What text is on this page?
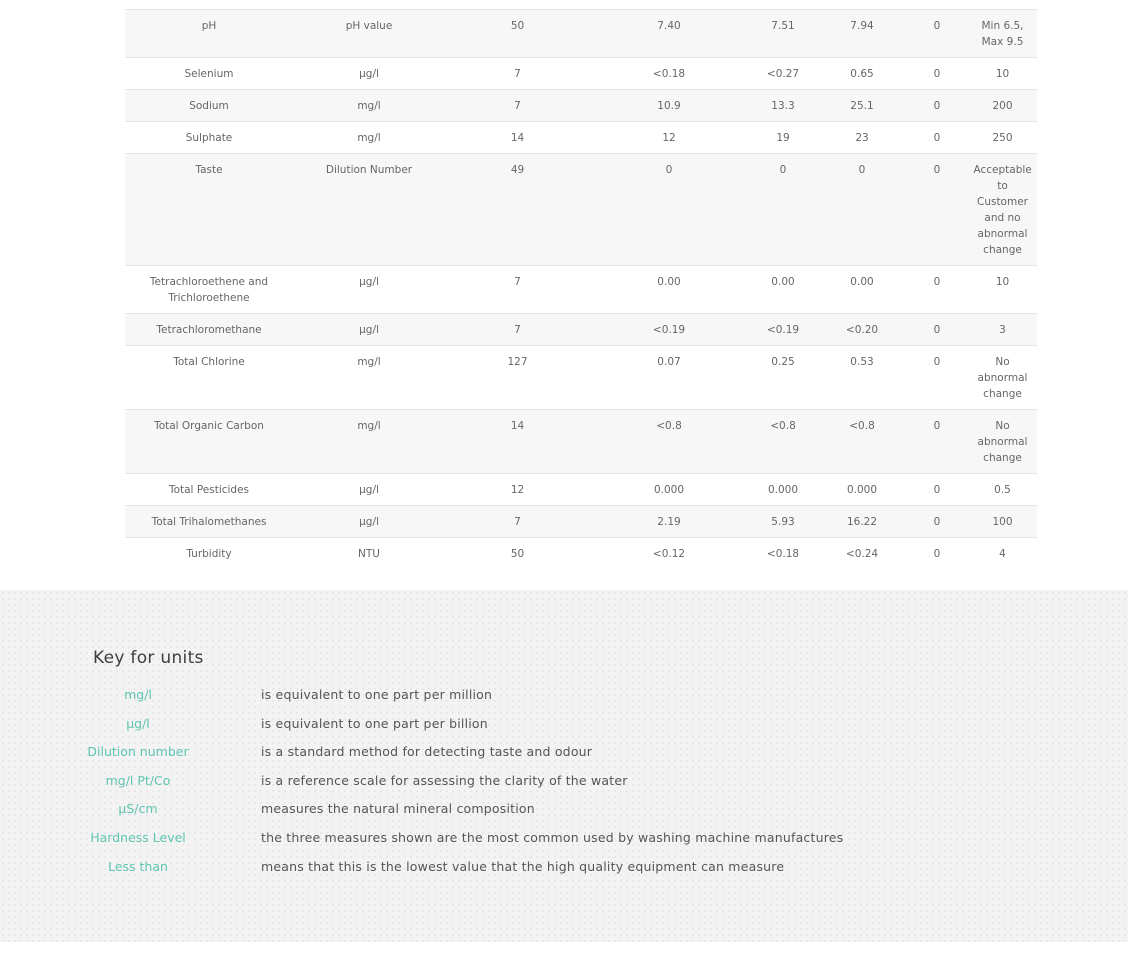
pH	pH value	50	7.40	7.51	7.94	0	Min 6.5, Max 9.5
Selenium	µg/l	7	<0.18	<0.27	0.65	0	10
Sodium	mg/l	7	10.9	13.3	25.1	0	200
Sulphate	mg/l	14	12	19	23	0	250
Taste	Dilution Number	49	0	0	0	0	Acceptable to Customer and no abnormal change
Tetrachloroethene and Trichloroethene	µg/l	7	0.00	0.00	0.00	0	10
Tetrachloromethane	µg/l	7	<0.19	<0.19	<0.20	0	3
Total Chlorine	mg/l	127	0.07	0.25	0.53	0	No abnormal change
Total Organic Carbon	mg/l	14	<0.8	<0.8	<0.8	0	No abnormal change
Total Pesticides	µg/l	12	0.000	0.000	0.000	0	0.5
Total Trihalomethanes	µg/l	7	2.19	5.93	16.22	0	100
Turbidity	NTU	50	<0.12	<0.18	<0.24	0	4
Key for units
mg/l	is equivalent to one part per million
µg/l	is equivalent to one part per billion
Dilution number	is a standard method for detecting taste and odour
mg/l Pt/Co	is a reference scale for assessing the clarity of the water
µS/cm	measures the natural mineral composition
Hardness Level	the three measures shown are the most common used by washing machine manufactures
Less than	means that this is the lowest value that the high quality equipment can measure
